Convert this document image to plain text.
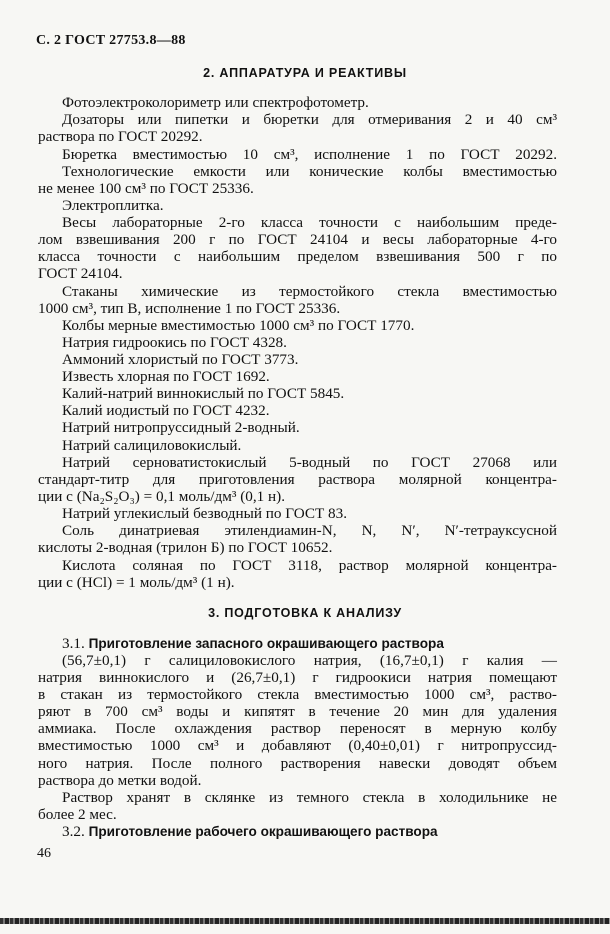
С. 2 ГОСТ 27753.8—88
2. АППАРАТУРА И РЕАКТИВЫ
Фотоэлектроколориметр или спектрофотометр.
Дозаторы или пипетки и бюретки для отмеривания 2 и 40 см³
раствора по ГОСТ 20292.
Бюретка вместимостью 10 см³, исполнение 1 по ГОСТ 20292.
Технологические емкости или конические колбы вместимостью
не менее 100 см³ по ГОСТ 25336.
Электроплитка.
Весы лабораторные 2-го класса точности с наибольшим преде-
лом взвешивания 200 г по ГОСТ 24104 и весы лабораторные 4-го
класса точности с наибольшим пределом взвешивания 500 г по
ГОСТ 24104.
Стаканы химические из термостойкого стекла вместимостью
1000 см³, тип В, исполнение 1 по ГОСТ 25336.
Колбы мерные вместимостью 1000 см³ по ГОСТ 1770.
Натрия гидроокись по ГОСТ 4328.
Аммоний хлористый по ГОСТ 3773.
Известь хлорная по ГОСТ 1692.
Калий-натрий виннокислый по ГОСТ 5845.
Калий иодистый по ГОСТ 4232.
Натрий нитропруссидный 2-водный.
Натрий салициловокислый.
Натрий серноватистокислый 5-водный по ГОСТ 27068 или
стандарт-титр для приготовления раствора молярной концентра-
ции c (Na₂S₂O₃) = 0,1 моль/дм³ (0,1 н).
Натрий углекислый безводный по ГОСТ 83.
Соль динатриевая этилендиамин-N, N, N′, N′-тетрауксусной
кислоты 2-водная (трилон Б) по ГОСТ 10652.
Кислота соляная по ГОСТ 3118, раствор молярной концентра-
ции c (HCl) = 1 моль/дм³ (1 н).
3. ПОДГОТОВКА К АНАЛИЗУ
3.1. Приготовление запасного окрашивающего раствора
(56,7±0,1) г салициловокислого натрия, (16,7±0,1) г калия —
натрия виннокислого и (26,7±0,1) г гидроокиси натрия помещают
в стакан из термостойкого стекла вместимостью 1000 см³, раство-
ряют в 700 см³ воды и кипятят в течение 20 мин для удаления
аммиака. После охлаждения раствор переносят в мерную колбу
вместимостью 1000 см³ и добавляют (0,40±0,01) г нитропруссид-
ного натрия. После полного растворения навески доводят объем
раствора до метки водой.
Раствор хранят в склянке из темного стекла в холодильнике не
более 2 мес.
3.2. Приготовление рабочего окрашивающего раствора
46
